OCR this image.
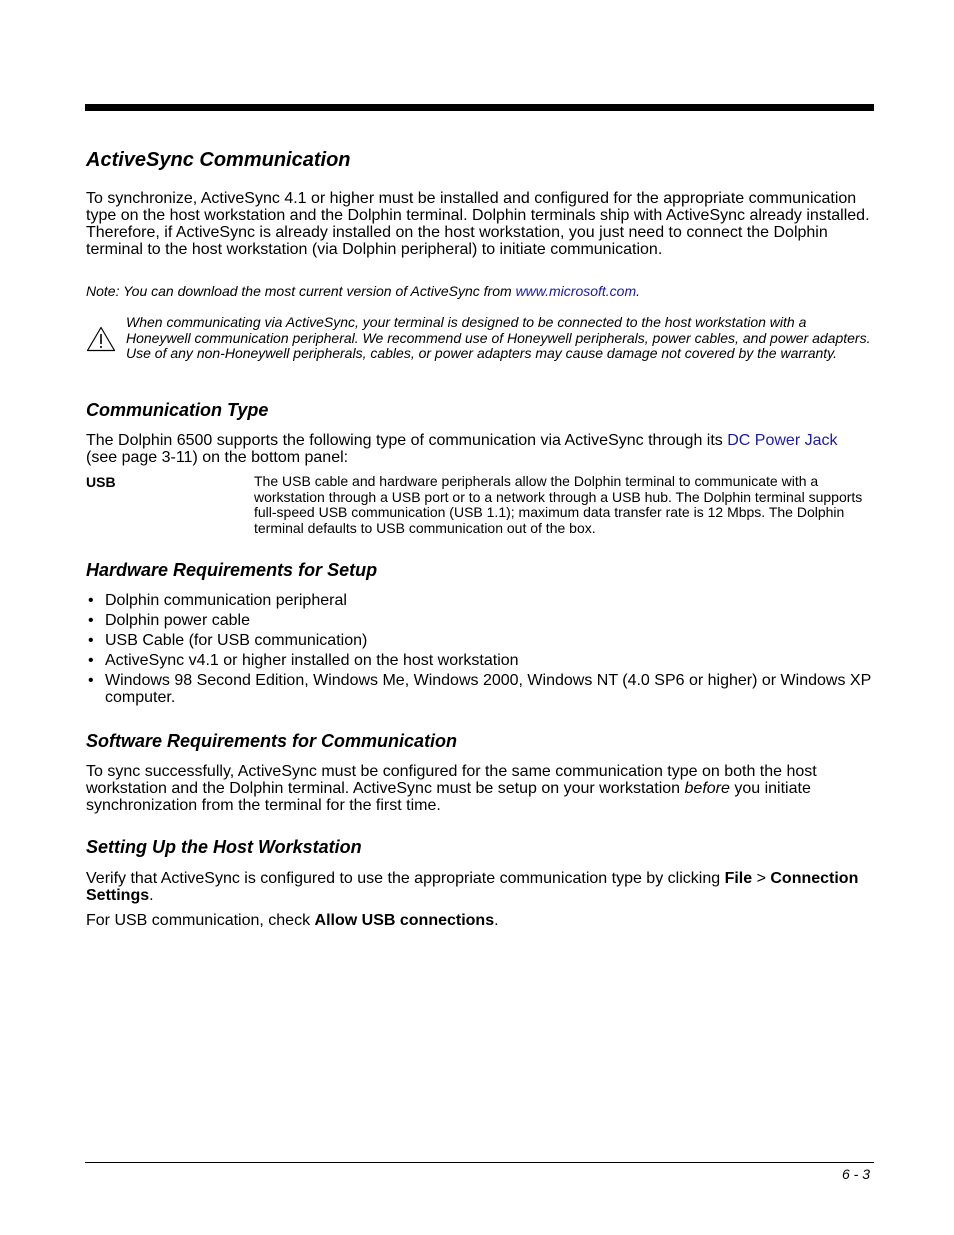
ActiveSync Communication

To synchronize, ActiveSync 4.1 or higher must be installed and configured for the appropriate communication type on the host workstation and the Dolphin terminal. Dolphin terminals ship with ActiveSync already installed. Therefore, if ActiveSync is already installed on the host workstation, you just need to connect the Dolphin terminal to the host workstation (via Dolphin peripheral) to initiate communication.

Note: You can download the most current version of ActiveSync from www.microsoft.com.
When communicating via ActiveSync, your terminal is designed to be connected to the host workstation with a Honeywell communication peripheral. We recommend use of Honeywell peripherals, power cables, and power adapters. Use of any non-Honeywell peripherals, cables, or power adapters may cause damage not covered by the warranty.
Communication Type

The Dolphin 6500 supports the following type of communication via ActiveSync through its DC Power Jack (see page 3-11) on the bottom panel:

USB	The USB cable and hardware peripherals allow the Dolphin terminal to communicate with a workstation through a USB port or to a network through a USB hub. The Dolphin terminal supports full-speed USB communication (USB 1.1); maximum data transfer rate is 12 Mbps. The Dolphin terminal defaults to USB communication out of the box.
Hardware Requirements for Setup
• Dolphin communication peripheral
• Dolphin power cable
• USB Cable (for USB communication)
• ActiveSync v4.1 or higher installed on the host workstation
• Windows 98 Second Edition, Windows Me, Windows 2000, Windows NT (4.0 SP6 or higher) or Windows XP computer.
Software Requirements for Communication

To sync successfully, ActiveSync must be configured for the same communication type on both the host workstation and the Dolphin terminal. ActiveSync must be setup on your workstation before you initiate synchronization from the terminal for the first time.

Setting Up the Host Workstation

Verify that ActiveSync is configured to use the appropriate communication type by clicking File > Connection Settings.

For USB communication, check Allow USB connections.

6 - 3
